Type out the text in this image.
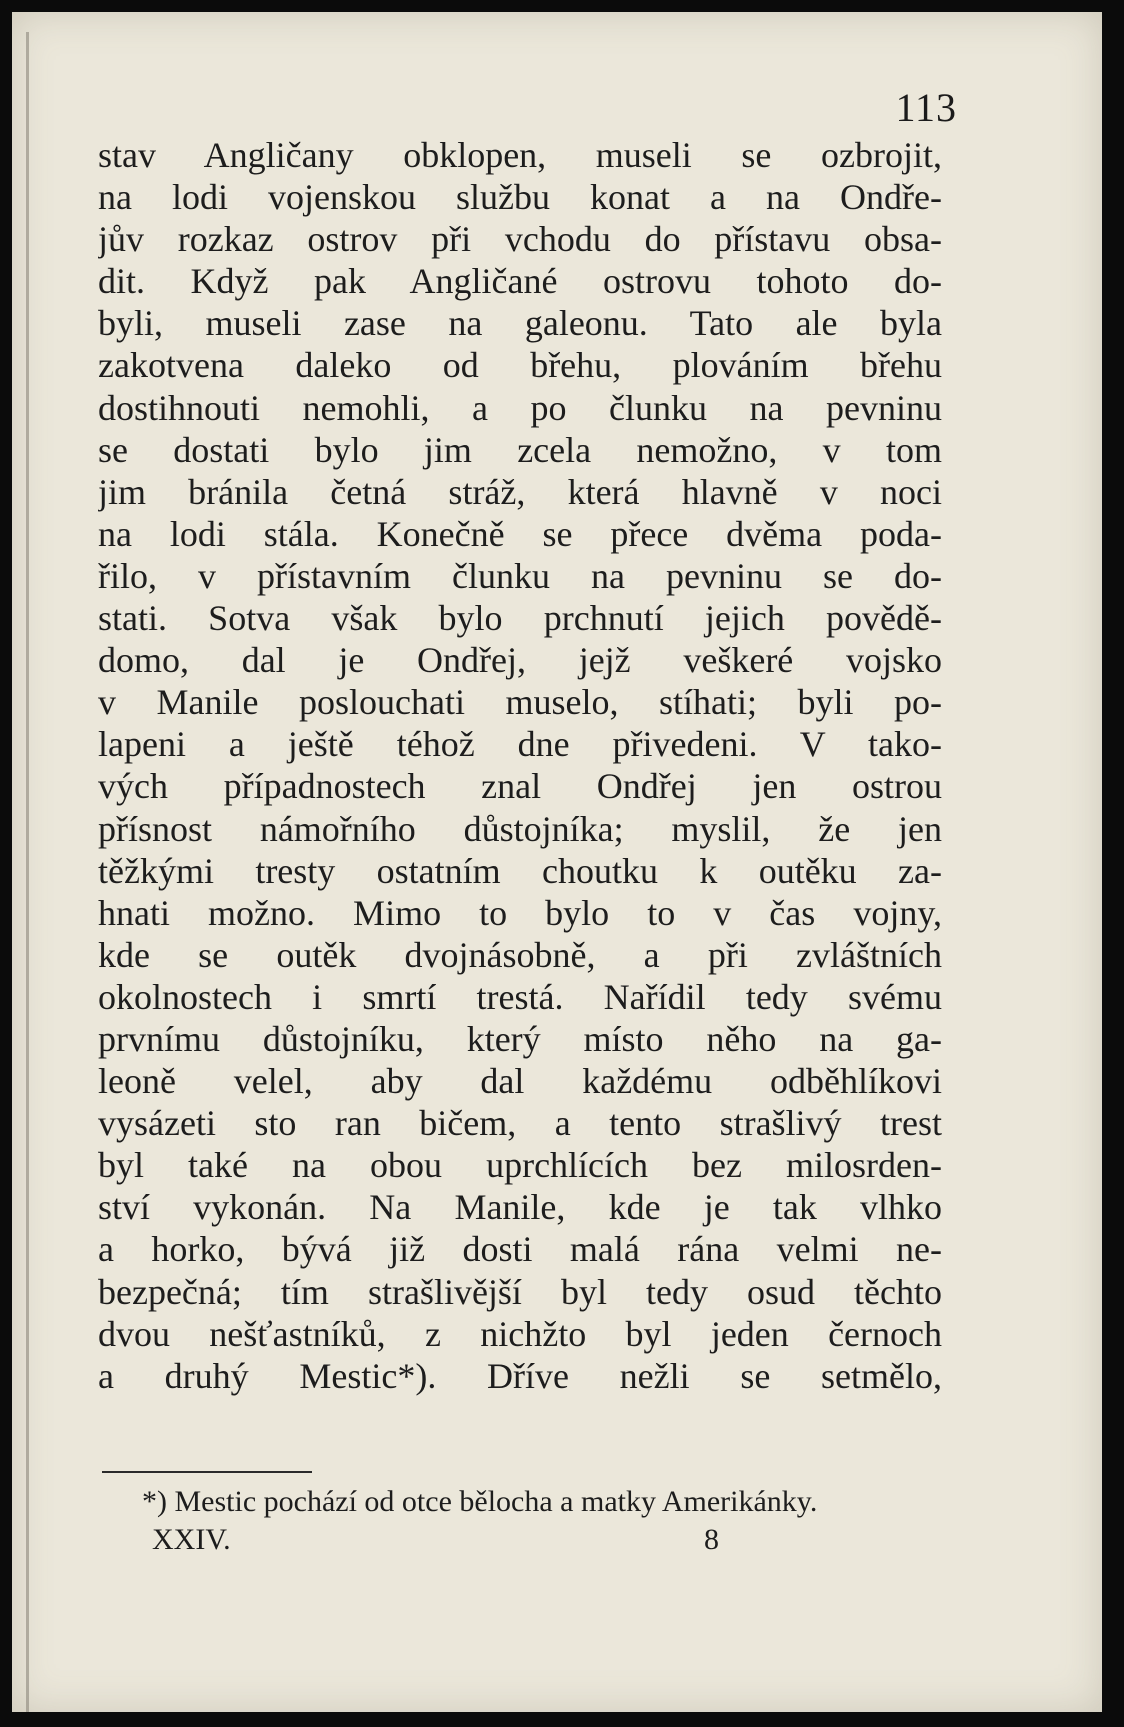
113
stav Angličany obklopen, museli se ozbrojit,
na lodi vojenskou službu konat a na Ondře-
jův rozkaz ostrov při vchodu do přístavu obsa-
dit. Když pak Angličané ostrovu tohoto do-
byli, museli zase na galeonu. Tato ale byla
zakotvena daleko od břehu, plováním břehu
dostihnouti nemohli, a po člunku na pevninu
se dostati bylo jim zcela nemožno, v tom
jim bránila četná stráž, která hlavně v noci
na lodi stála. Konečně se přece dvěma poda-
řilo, v přístavním člunku na pevninu se do-
stati. Sotva však bylo prchnutí jejich povědě-
domo, dal je Ondřej, jejž veškeré vojsko
v Manile poslouchati muselo, stíhati; byli po-
lapeni a ještě téhož dne přivedeni. V tako-
vých případnostech znal Ondřej jen ostrou
přísnost námořního důstojníka; myslil, že jen
těžkými tresty ostatním choutku k outěku za-
hnati možno. Mimo to bylo to v čas vojny,
kde se outěk dvojnásobně, a při zvláštních
okolnostech i smrtí trestá. Nařídil tedy svému
prvnímu důstojníku, který místo něho na ga-
leoně velel, aby dal každému odběhlíkovi
vysázeti sto ran bičem, a tento strašlivý trest
byl také na obou uprchlících bez milosrden-
ství vykonán. Na Manile, kde je tak vlhko
a horko, bývá již dosti malá rána velmi ne-
bezpečná; tím strašlivější byl tedy osud těchto
dvou nešťastníků, z nichžto byl jeden černoch
a druhý Mestic*). Dříve nežli se setmělo,
*) Mestic pochází od otce bělocha a matky Amerikánky.
XXIV.	8
